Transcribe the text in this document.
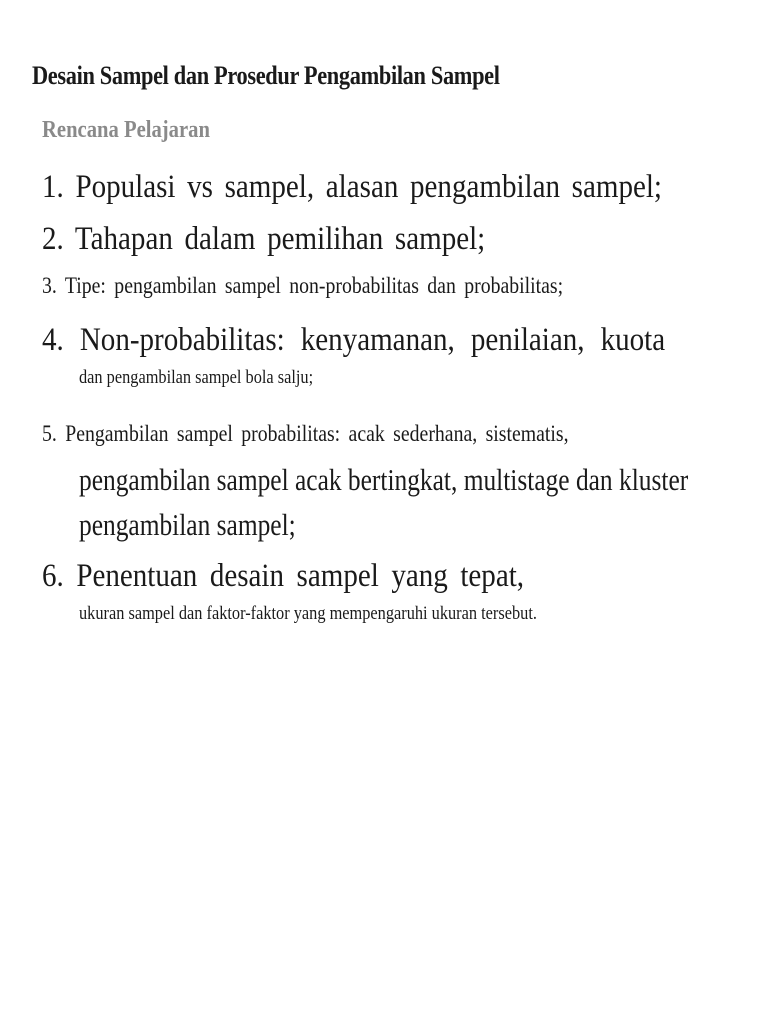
Desain Sampel dan Prosedur Pengambilan Sampel
Rencana Pelajaran
1. Populasi vs sampel, alasan pengambilan sampel;
2. Tahapan dalam pemilihan sampel;
3. Tipe: pengambilan sampel non-probabilitas dan probabilitas;
4. Non-probabilitas: kenyamanan, penilaian, kuota
dan pengambilan sampel bola salju;
5. Pengambilan sampel probabilitas: acak sederhana, sistematis,
pengambilan sampel acak bertingkat, multistage dan kluster
pengambilan sampel;
6. Penentuan desain sampel yang tepat,
ukuran sampel dan faktor-faktor yang mempengaruhi ukuran tersebut.
